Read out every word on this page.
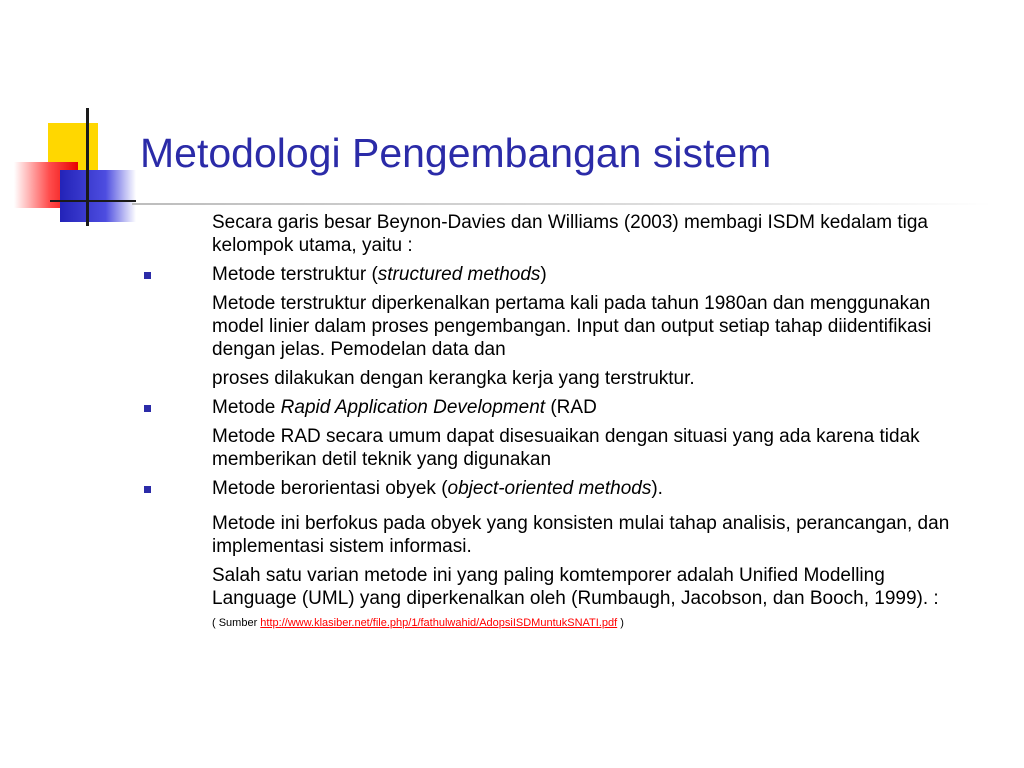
Metodologi Pengembangan sistem
Secara garis besar Beynon-Davies dan Williams (2003) membagi ISDM kedalam tiga kelompok utama, yaitu :
Metode terstruktur (structured methods)
Metode terstruktur diperkenalkan pertama kali pada tahun 1980an dan menggunakan model linier dalam proses pengembangan. Input dan output setiap tahap diidentifikasi dengan jelas. Pemodelan data dan
proses dilakukan dengan kerangka kerja yang terstruktur.
Metode Rapid Application Development (RAD
Metode RAD secara umum dapat disesuaikan dengan situasi yang ada karena tidak memberikan detil teknik yang digunakan
Metode berorientasi obyek (object-oriented methods).
Metode ini berfokus pada obyek yang konsisten mulai tahap analisis, perancangan, dan implementasi sistem informasi.
Salah satu varian metode ini yang paling komtemporer adalah Unified Modelling Language (UML) yang diperkenalkan oleh (Rumbaugh, Jacobson, dan Booch, 1999). :
( Sumber http://www.klasiber.net/file.php/1/fathulwahid/AdopsiISDMuntukSNATI.pdf )
